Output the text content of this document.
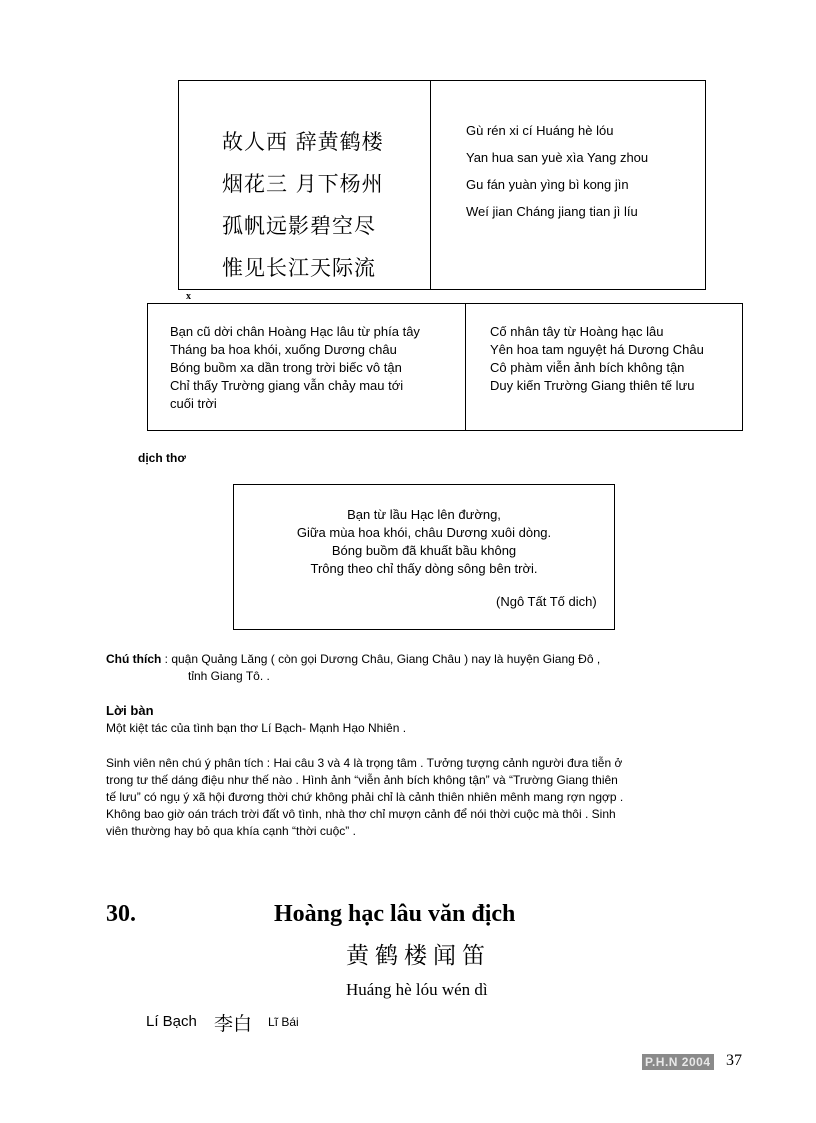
故人西 辞黄鹤楼
烟花三 月下杨州
孤帆远影碧空尽
惟见长江天际流
Gù rén xi cí Huáng hè lóu
Yan hua san yuè xìa Yang zhou
Gu fán yuàn yìng bì kong jìn
Weí jian Cháng jiang tian jì líu
x
Bạn cũ dời chân Hoàng Hạc lâu từ phía tây
Tháng ba hoa khói, xuống Dương châu
Bóng buồm xa dần trong trời biếc vô tận
Chỉ thấy Trường giang vẫn chảy mau tới
cuối trời
Cố nhân tây từ Hoàng hạc lâu
Yên hoa tam nguyệt há Dương Châu
Cô phàm viễn ảnh bích không tận
Duy kiến Trường Giang thiên tế lưu
dịch thơ
Bạn từ lầu Hạc lên đường,
Giữa mùa hoa khói, châu Dương xuôi dòng.
Bóng buồm đã khuất bầu không
Trông theo chỉ thấy dòng sông bên trời.
(Ngô Tất Tố dich)
Chú thích : quận Quảng Lăng ( còn gọi Dương Châu, Giang Châu ) nay là huyện Giang Đô ,
tỉnh Giang Tô. .
Lời bàn
Một kiệt tác của tình bạn thơ Lí Bạch- Mạnh Hạo Nhiên .
Sinh viên nên chú ý phân tích : Hai câu 3 và 4 là trọng tâm . Tưởng tượng cảnh người đưa tiễn ở
trong tư thế dáng điệu như thế nào . Hình ảnh “viễn ảnh bích không tận” và “Trường Giang thiên
tế lưu” có ngụ ý xã hội đương thời chứ không phải chỉ là cảnh thiên nhiên mênh mang rợn ngợp .
Không bao giờ oán trách trời đất vô tình, nhà thơ chỉ mượn cảnh để nói thời cuộc mà thôi . Sinh
viên thường hay bỏ qua khía cạnh “thời cuộc” .
30.	Hoàng hạc lâu văn địch
黄鹤楼闻笛
Huáng hè lóu wén dì
Lí Bạch 李白 Lĩ Bái
P.H.N 2004 37
